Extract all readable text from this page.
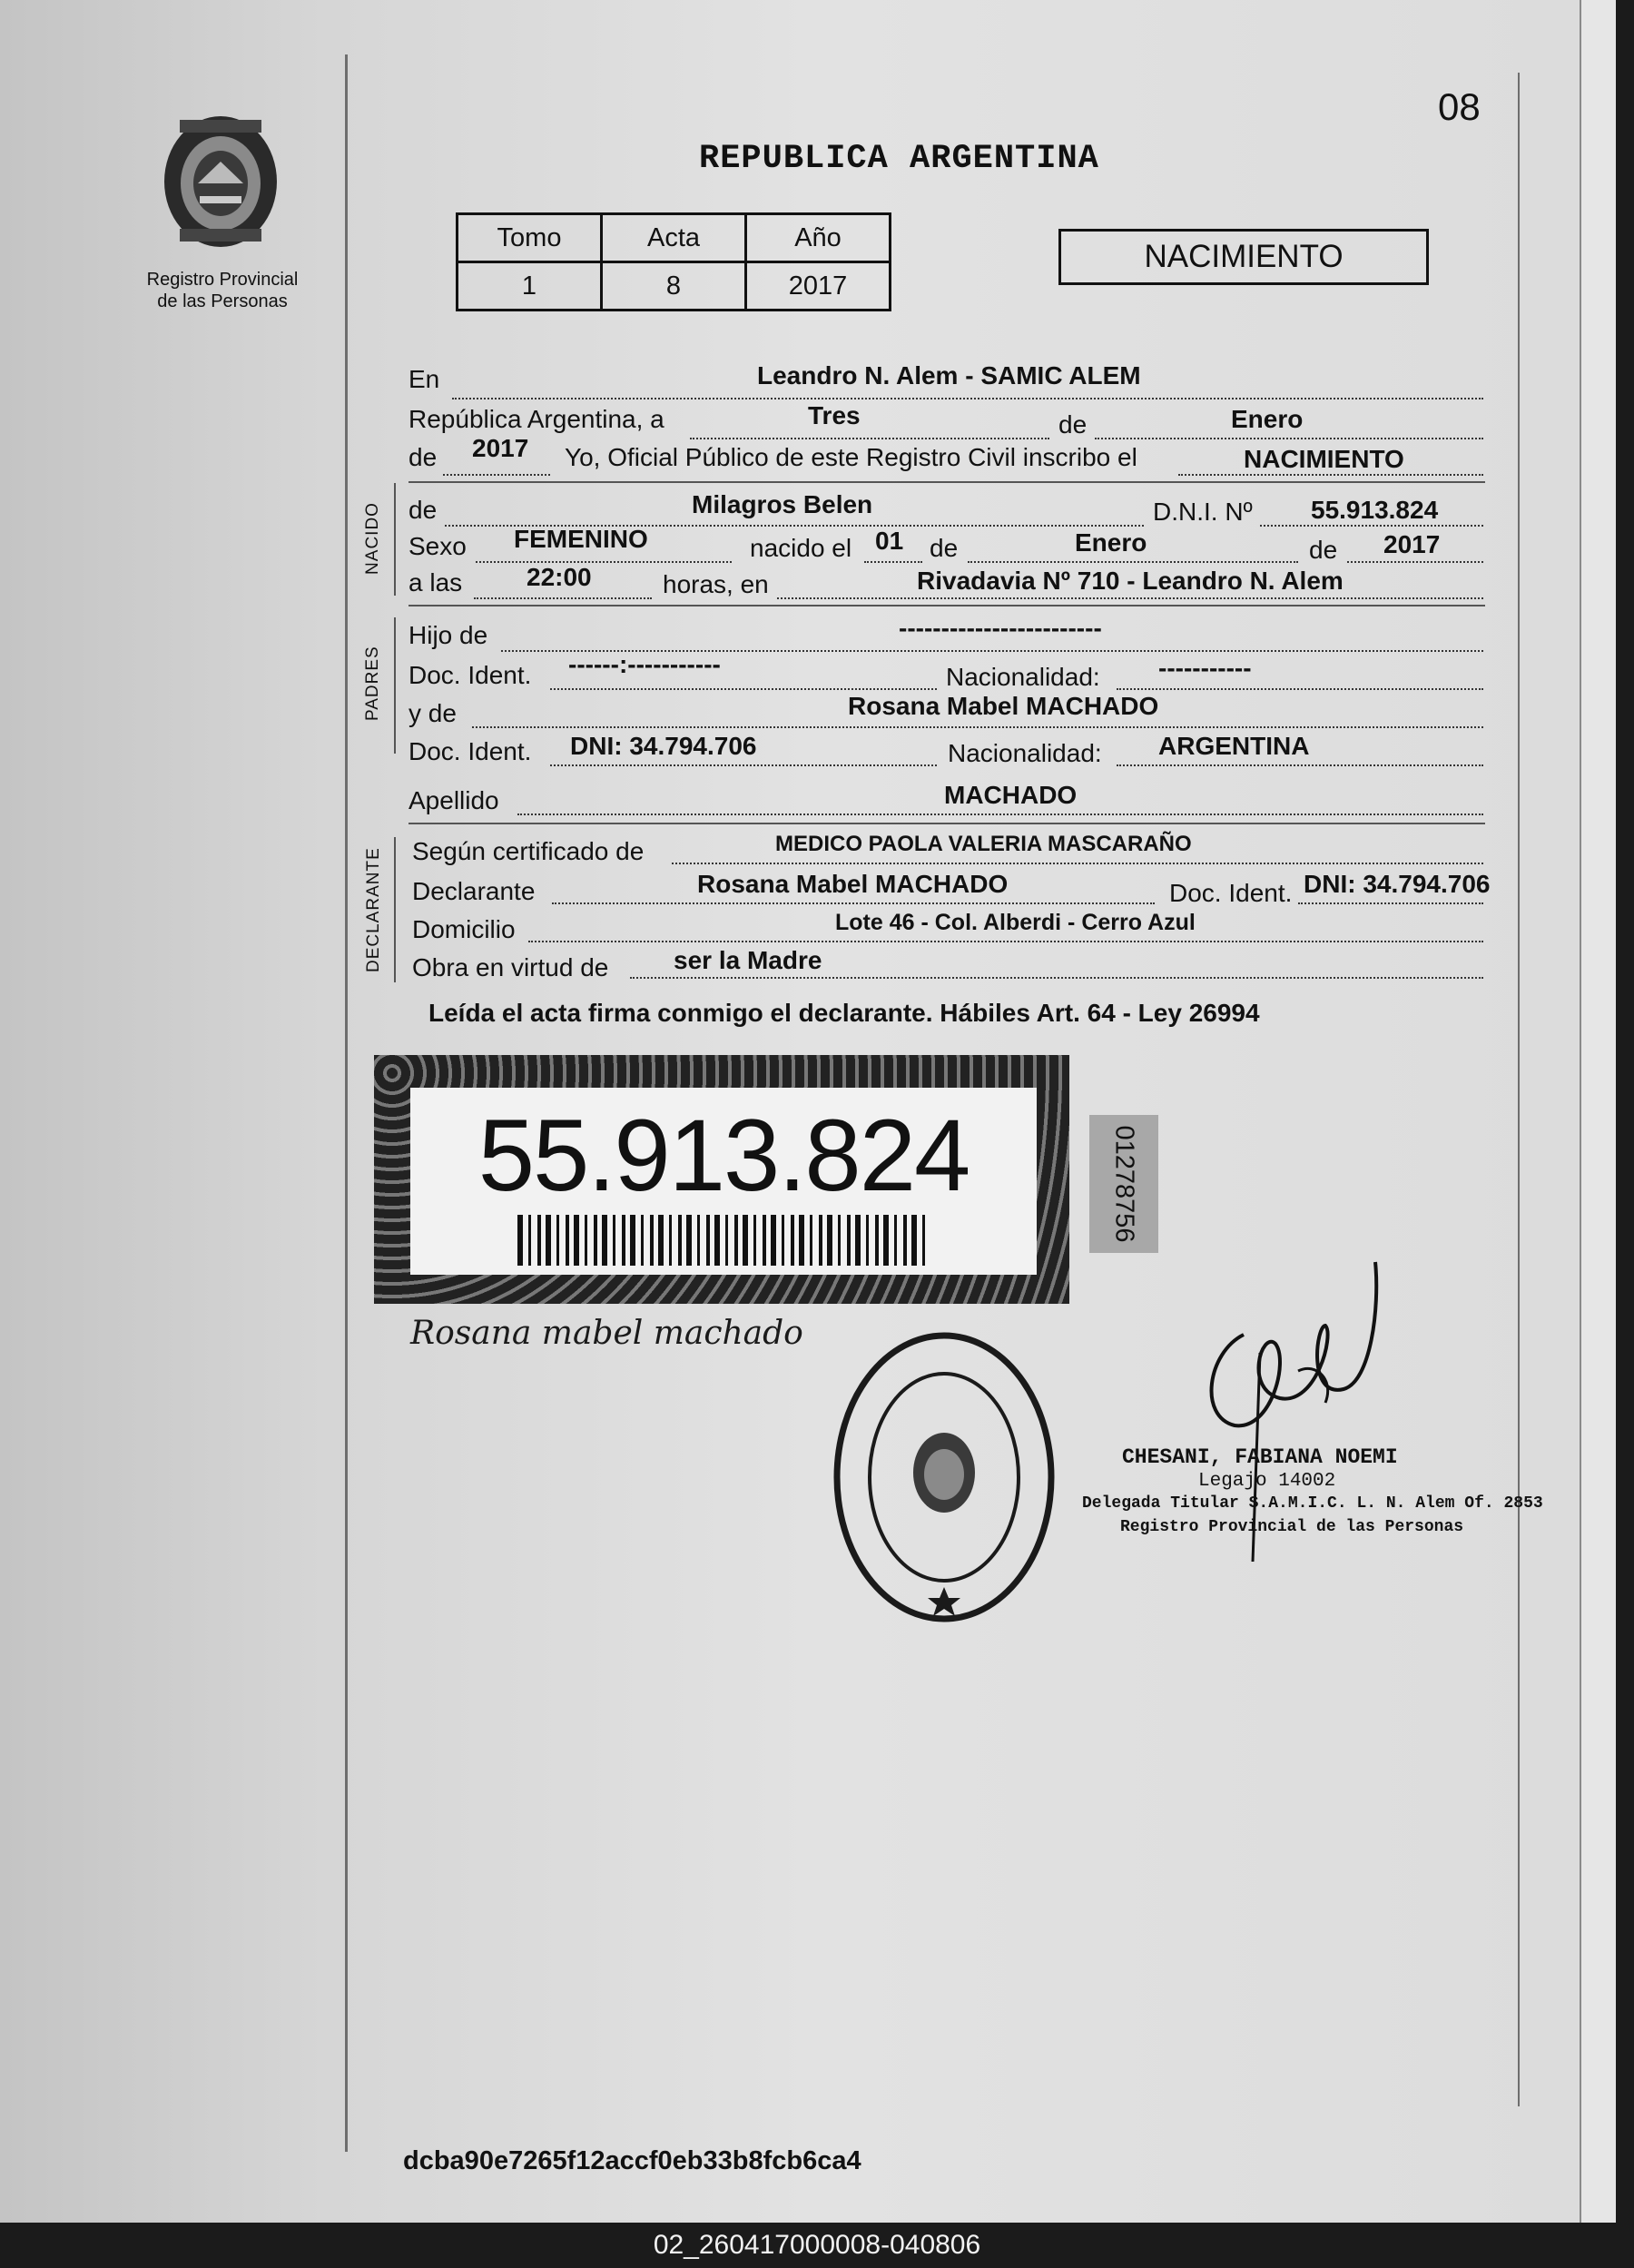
08
Registro Provincial
de las Personas
REPUBLICA ARGENTINA
Tomo	Acta	Año
1	8	2017
NACIMIENTO
En	Leandro N. Alem - SAMIC ALEM
República Argentina, a	Tres	de	Enero
de 2017 Yo, Oficial Público de este Registro Civil inscribo el	NACIMIENTO
NACIDO de	Milagros Belen	D.N.I. Nº 55.913.824
Sexo FEMENINO	nacido el 01 de	Enero	de 2017
a las	22:00	horas, en	Rivadavia Nº 710 - Leandro N. Alem
PADRES
Hijo de	------------------------
Doc. Ident. ------:-----------	Nacionalidad: -----------
y de	Rosana Mabel MACHADO
Doc. Ident. DNI: 34.794.706	Nacionalidad: ARGENTINA
Apellido	MACHADO
DECLARANTE Según certificado de	MEDICO PAOLA VALERIA MASCARAÑO
Declarante	Rosana Mabel MACHADO	Doc. Ident. DNI: 34.794.706
Domicilio	Lote 46 - Col. Alberdi - Cerro Azul
Obra en virtud de	ser la Madre
Leída el acta firma conmigo el declarante. Hábiles Art. 64 - Ley 26994
55.913.824	01278756
Rosana mabel machado
CHESANI, FABIANA NOEMI
Legajo 14002
Delegada Titular S.A.M.I.C. L. N. Alem Of. 2853
Registro Provincial de las Personas
dcba90e7265f12accf0eb33b8fcb6ca4
02_260417000008-040806
